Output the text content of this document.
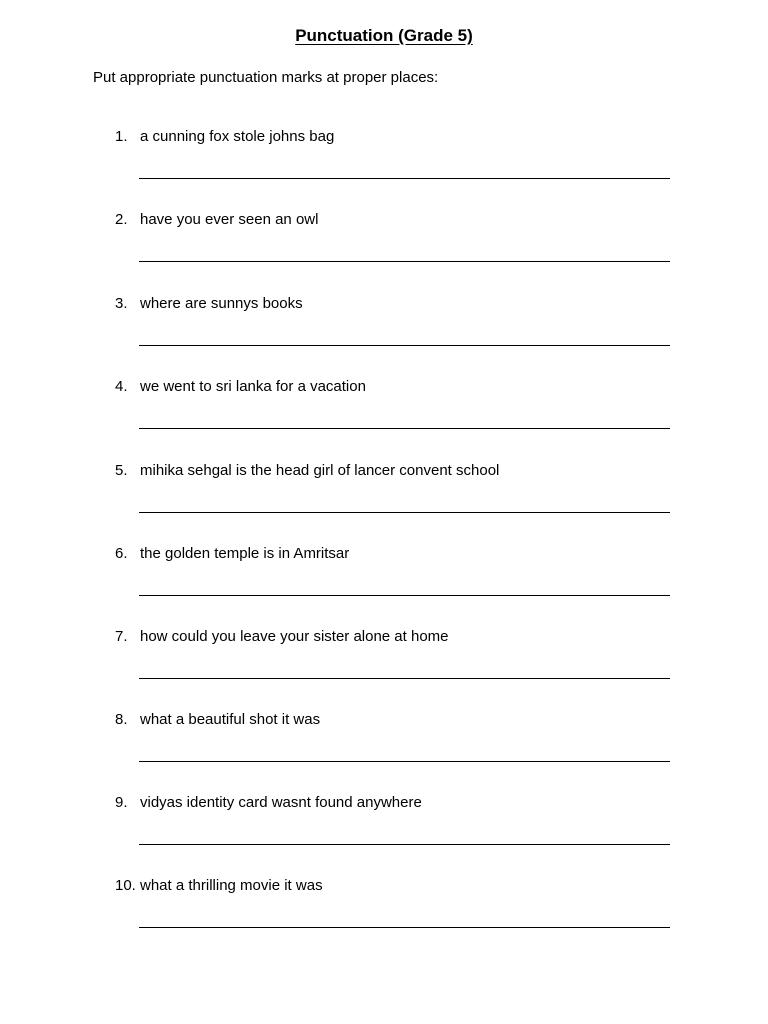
Punctuation (Grade 5)
Put appropriate punctuation marks at proper places:
1. a cunning fox stole johns bag
2. have you ever seen an owl
3. where are sunnys books
4. we went to sri lanka for a vacation
5. mihika sehgal is the head girl of lancer convent school
6. the golden temple is in Amritsar
7. how could you leave your sister alone at home
8. what a beautiful shot it was
9. vidyas identity card wasnt found anywhere
10. what a thrilling movie it was
